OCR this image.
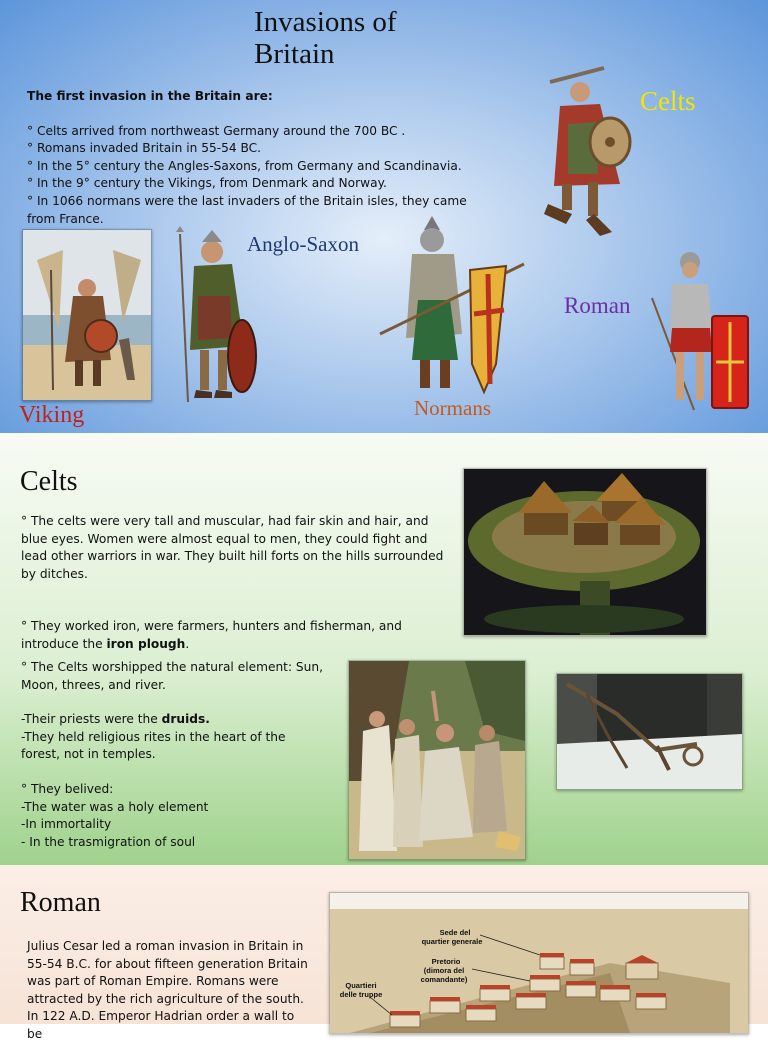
Invasions of
Britain

The first invasion in the Britain are:

° Celts arrived from northweast Germany around the 700 BC .

° Romans invaded Britain in 55-54 BC.

° In the 5° century the Angles-Saxons, from Germany and Scandinavia.

° In the 9° century the Vikings, from Denmark and Norway.

° In 1066 normans were the last invaders of the Britain isles, they came from France.

Celts
Viking
Anglo-Saxon
Normans
Roman
Celts

° The celts were very tall and muscular, had fair skin and hair, and blue eyes. Women were almost equal to men, they could fight and lead other warriors in war. They built hill forts on the hills surrounded by ditches.

° They worked iron, were farmers, hunters and fisherman, and introduce the iron plough.

° The Celts worshipped the natural element: Sun, Moon, threes, and river.

-Their priests were the druids.

-They held religious rites in the heart of the forest, not in temples.

° They belived:

-The water was a holy element

-In immortality

- In the trasmigration of soul

Roman

Julius Cesar led a roman invasion in Britain in 55-54 B.C. for about fifteen generation Britain was part of Roman Empire. Romans were attracted by the rich agriculture of the south.

In 122 A.D. Emperor Hadrian order a wall to be

Sede del
quartier generale
Pretorio
(dimora del
comandante)
Quartieri
delle truppe
